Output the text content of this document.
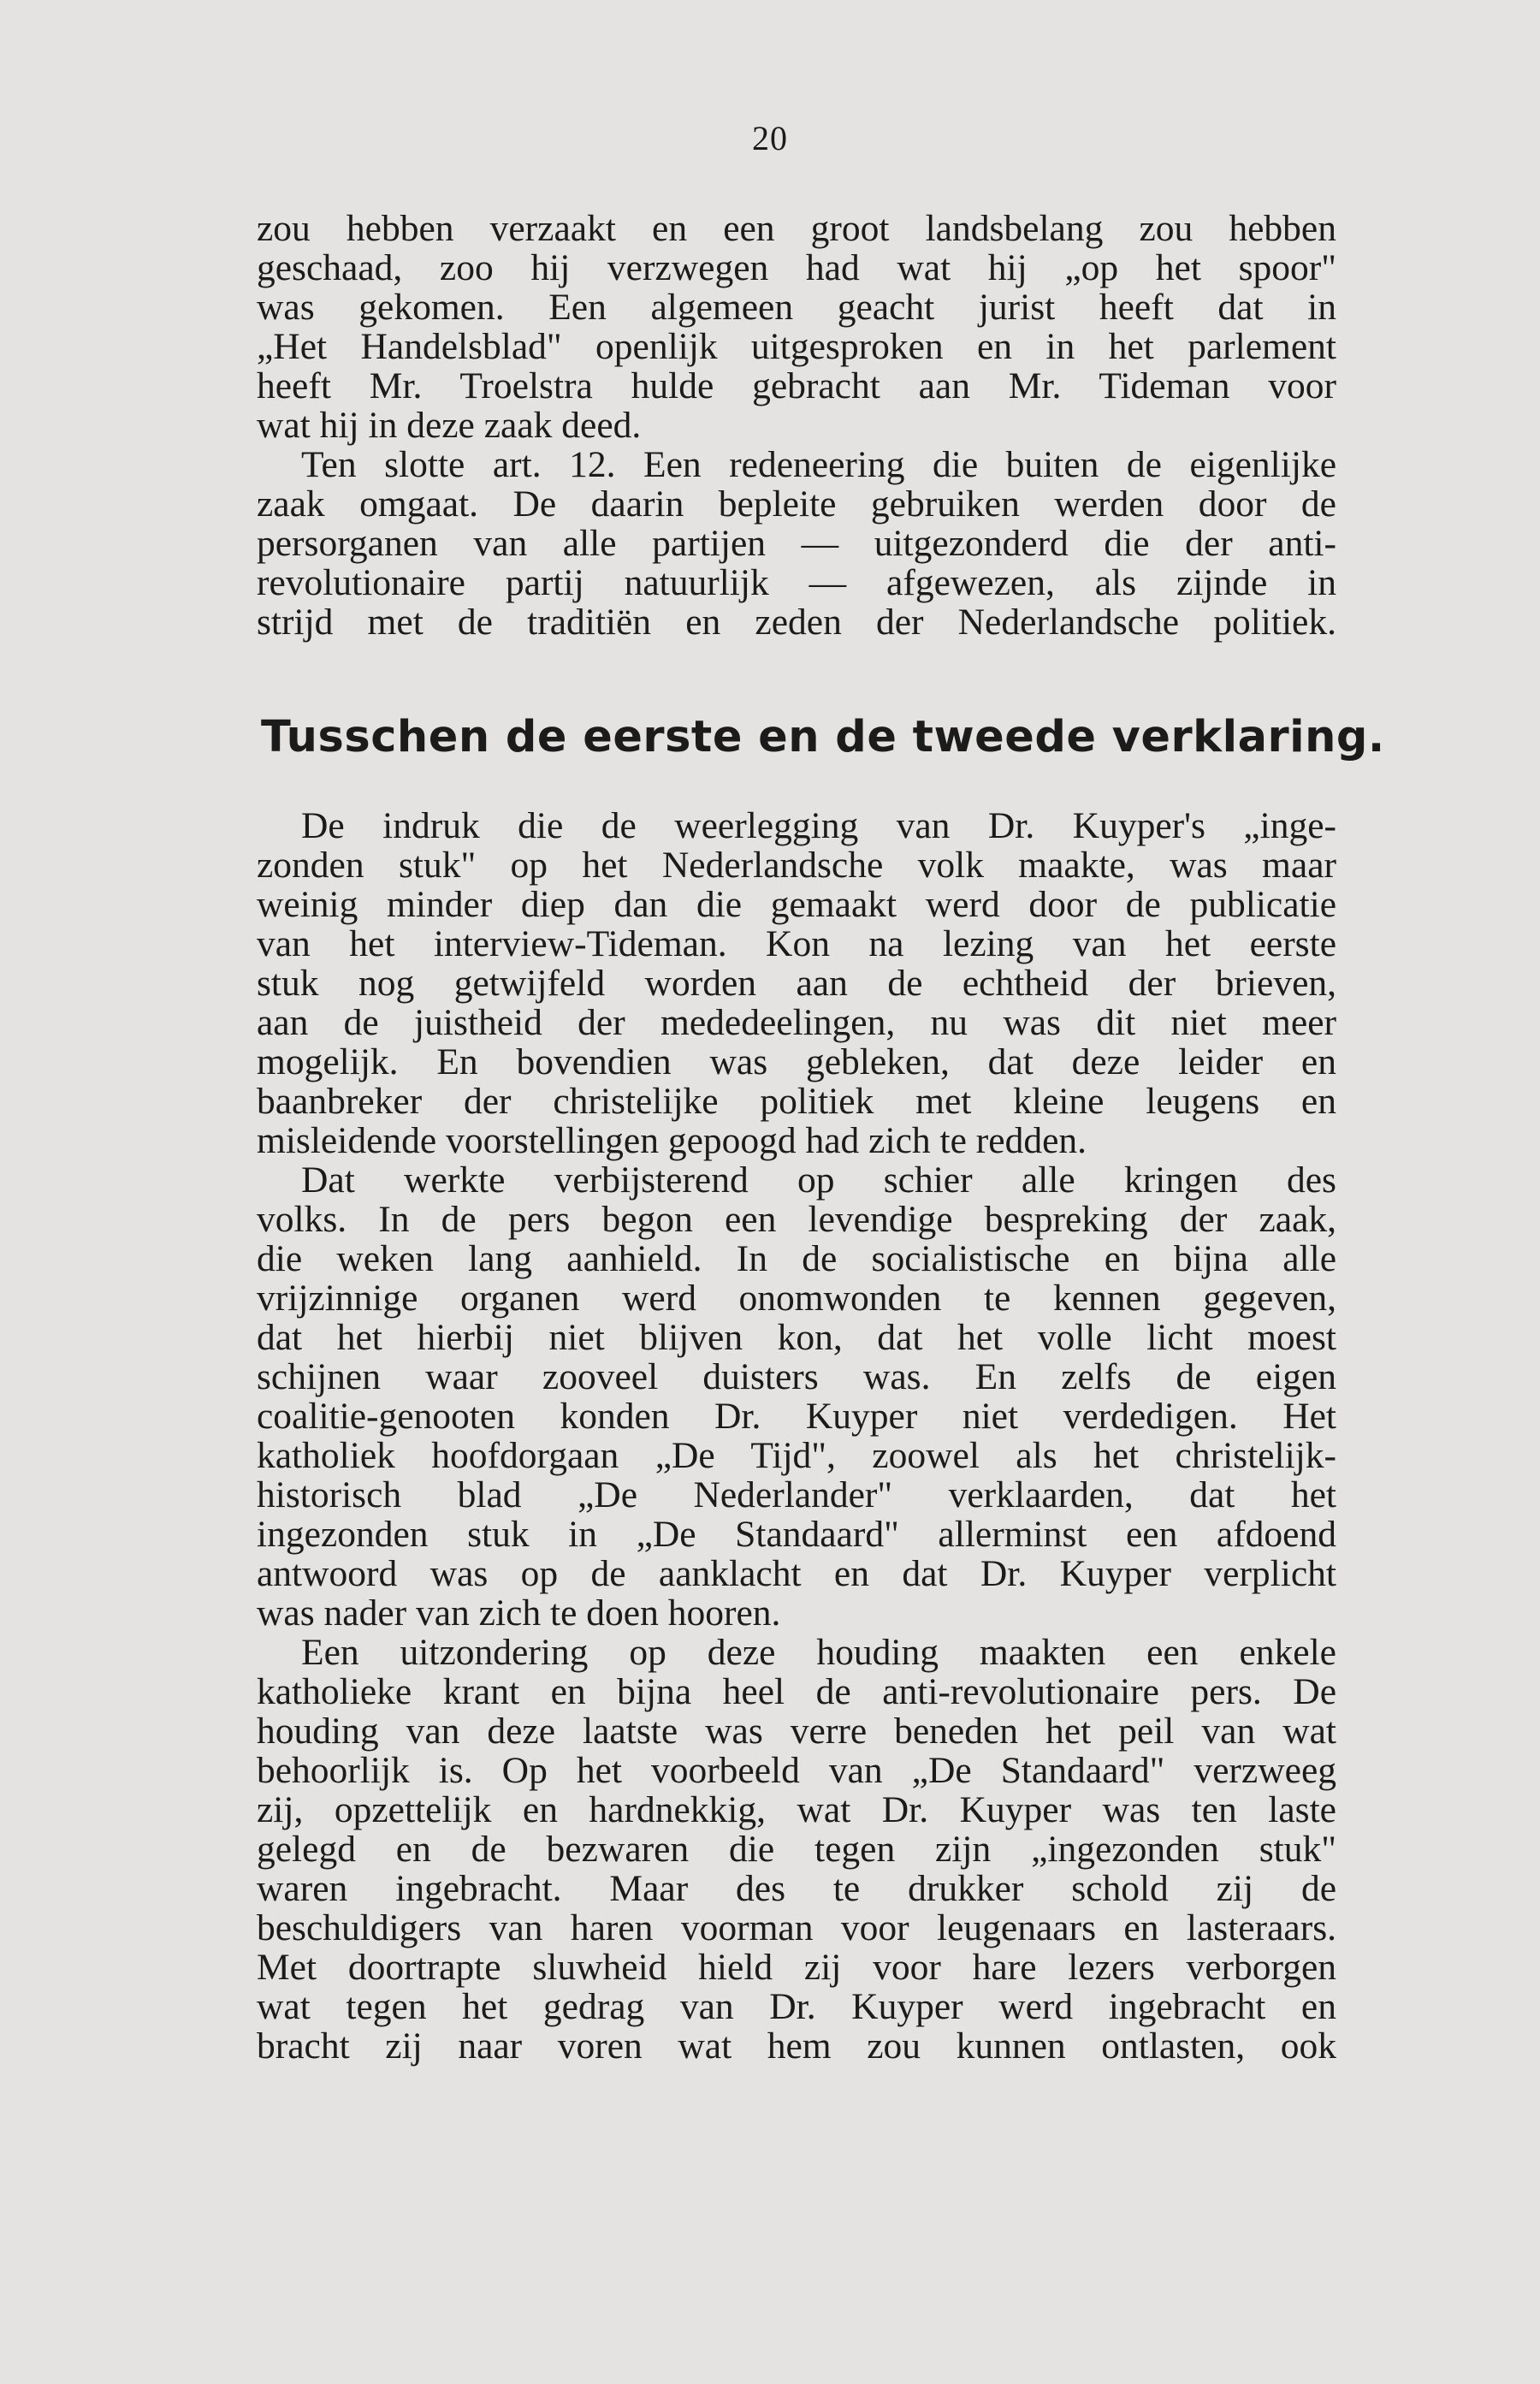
20
zou hebben verzaakt en een groot landsbelang zou hebben
geschaad, zoo hij verzwegen had wat hij „op het spoor"
was gekomen. Een algemeen geacht jurist heeft dat in
„Het Handelsblad" openlijk uitgesproken en in het parlement
heeft Mr. Troelstra hulde gebracht aan Mr. Tideman voor
wat hij in deze zaak deed.
Ten slotte art. 12. Een redeneering die buiten de eigenlijke
zaak omgaat. De daarin bepleite gebruiken werden door de
persorganen van alle partijen — uitgezonderd die der anti-
revolutionaire partij natuurlijk — afgewezen, als zijnde in
strijd met de traditiën en zeden der Nederlandsche politiek.
Tusschen de eerste en de tweede verklaring.
De indruk die de weerlegging van Dr. Kuyper's „inge-
zonden stuk" op het Nederlandsche volk maakte, was maar
weinig minder diep dan die gemaakt werd door de publicatie
van het interview-Tideman. Kon na lezing van het eerste
stuk nog getwijfeld worden aan de echtheid der brieven,
aan de juistheid der mededeelingen, nu was dit niet meer
mogelijk. En bovendien was gebleken, dat deze leider en
baanbreker der christelijke politiek met kleine leugens en
misleidende voorstellingen gepoogd had zich te redden.
Dat werkte verbijsterend op schier alle kringen des
volks. In de pers begon een levendige bespreking der zaak,
die weken lang aanhield. In de socialistische en bijna alle
vrijzinnige organen werd onomwonden te kennen gegeven,
dat het hierbij niet blijven kon, dat het volle licht moest
schijnen waar zooveel duisters was. En zelfs de eigen
coalitie-genooten konden Dr. Kuyper niet verdedigen. Het
katholiek hoofdorgaan „De Tijd", zoowel als het christelijk-
historisch blad „De Nederlander" verklaarden, dat het
ingezonden stuk in „De Standaard" allerminst een afdoend
antwoord was op de aanklacht en dat Dr. Kuyper verplicht
was nader van zich te doen hooren.
Een uitzondering op deze houding maakten een enkele
katholieke krant en bijna heel de anti-revolutionaire pers. De
houding van deze laatste was verre beneden het peil van wat
behoorlijk is. Op het voorbeeld van „De Standaard" verzweeg
zij, opzettelijk en hardnekkig, wat Dr. Kuyper was ten laste
gelegd en de bezwaren die tegen zijn „ingezonden stuk"
waren ingebracht. Maar des te drukker schold zij de
beschuldigers van haren voorman voor leugenaars en lasteraars.
Met doortrapte sluwheid hield zij voor hare lezers verborgen
wat tegen het gedrag van Dr. Kuyper werd ingebracht en
bracht zij naar voren wat hem zou kunnen ontlasten, ook
